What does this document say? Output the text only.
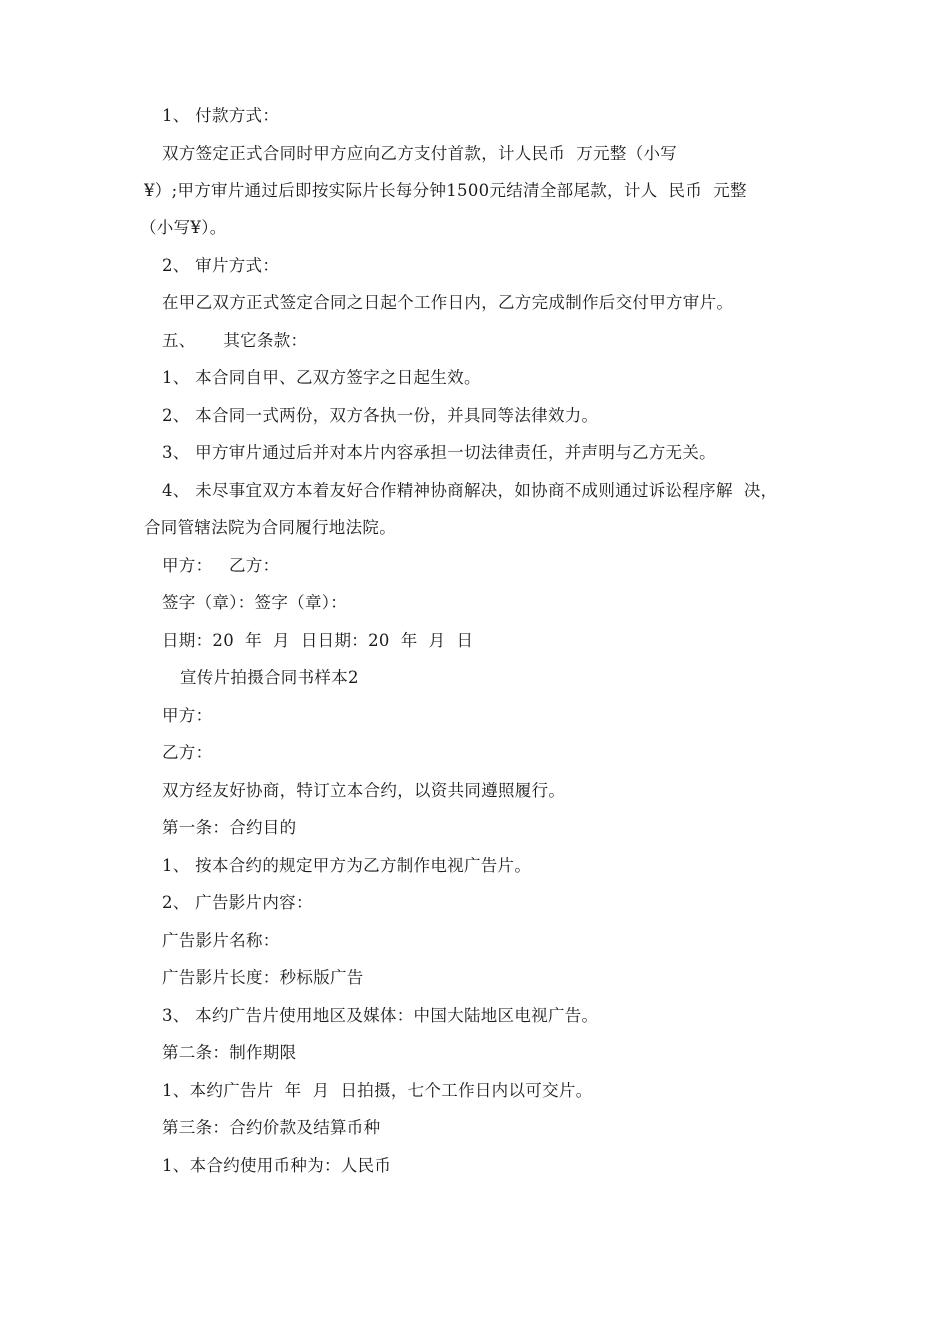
1、 付款方式：
双方签定正式合同时甲方应向乙方支付首款，计人民币  万元整（小写
¥）;甲方审片通过后即按实际片长每分钟1500元结清全部尾款，计人  民币  元整
（小写¥）。
2、 审片方式：
在甲乙双方正式签定合同之日起个工作日内，乙方完成制作后交付甲方审片。
五、     其它条款：
1、 本合同自甲、乙双方签字之日起生效。
2、 本合同一式两份，双方各执一份，并具同等法律效力。
3、 甲方审片通过后并对本片内容承担一切法律责任，并声明与乙方无关。
4、 未尽事宜双方本着友好合作精神协商解决，如协商不成则通过诉讼程序解  决，
合同管辖法院为合同履行地法院。
甲方：   乙方：
签字（章）：签字（章）：
日期：20  年  月  日日期：20  年  月  日
宣传片拍摄合同书样本2
甲方：
乙方：
双方经友好协商，特订立本合约，以资共同遵照履行。
第一条：合约目的
1、 按本合约的规定甲方为乙方制作电视广告片。
2、 广告影片内容：
广告影片名称：
广告影片长度：秒标版广告
3、 本约广告片使用地区及媒体：中国大陆地区电视广告。
第二条：制作期限
1、本约广告片  年  月  日拍摄，七个工作日内以可交片。
第三条：合约价款及结算币种
1、本合约使用币种为：人民币
